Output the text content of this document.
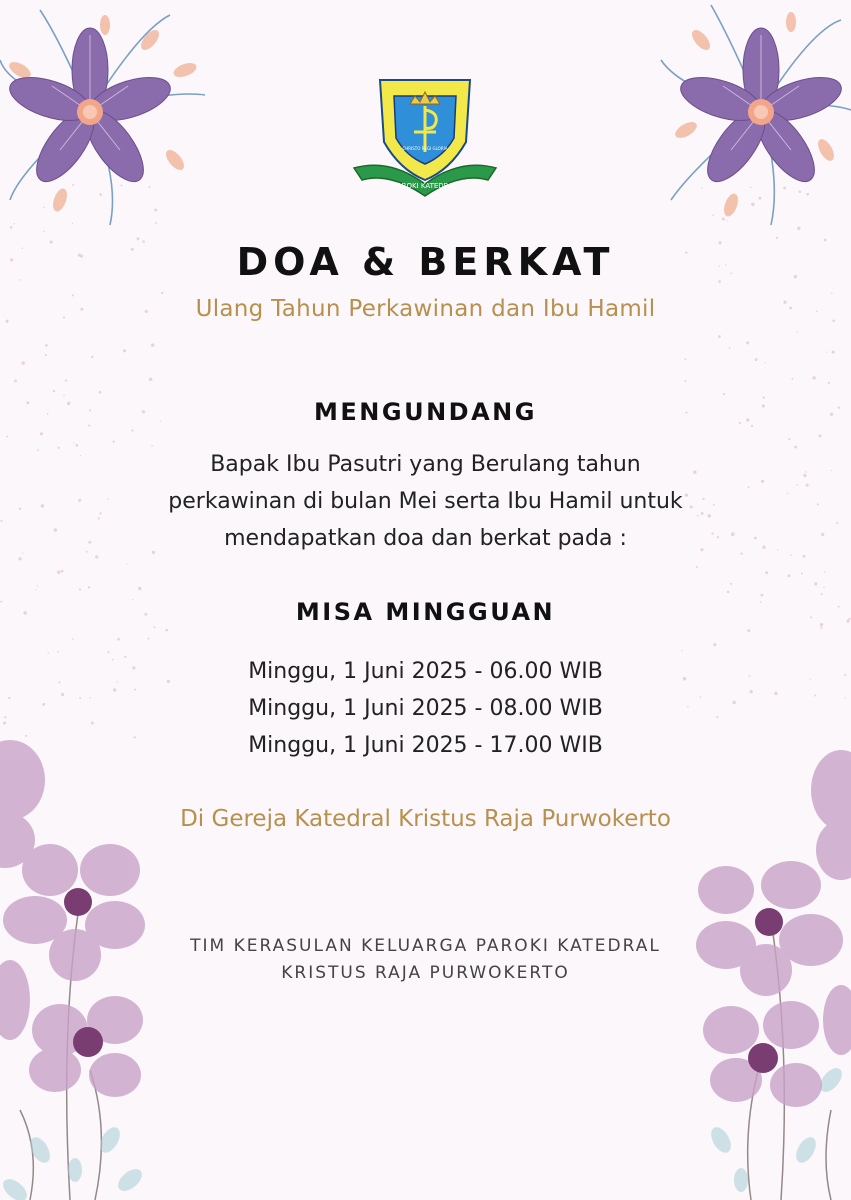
PAROKI KATEDRAL
CHRISTO REGI GLORIA
DOA & BERKAT
Ulang Tahun Perkawinan dan Ibu Hamil
MENGUNDANG
Bapak Ibu Pasutri yang Berulang tahun
perkawinan di bulan Mei serta Ibu Hamil untuk
mendapatkan doa dan berkat pada :
MISA MINGGUAN
Minggu, 1 Juni 2025 - 06.00 WIB
Minggu, 1 Juni 2025 - 08.00 WIB
Minggu, 1 Juni 2025 - 17.00 WIB
Di Gereja Katedral Kristus Raja Purwokerto
TIM KERASULAN KELUARGA PAROKI KATEDRAL
KRISTUS RAJA PURWOKERTO
